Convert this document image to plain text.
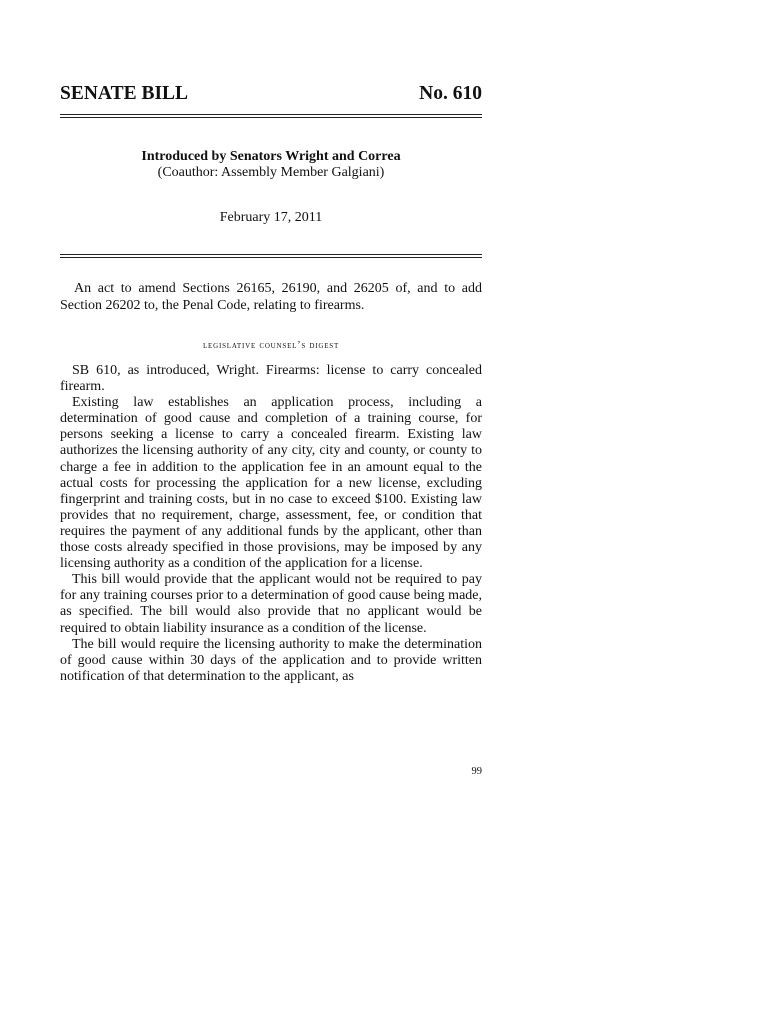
SENATE BILL	No. 610
Introduced by Senators Wright and Correa
(Coauthor: Assembly Member Galgiani)
February 17, 2011

An act to amend Sections 26165, 26190, and 26205 of, and to add Section 26202 to, the Penal Code, relating to firearms.

legislative counsel’s digest

SB 610, as introduced, Wright. Firearms: license to carry concealed firearm.

Existing law establishes an application process, including a determination of good cause and completion of a training course, for persons seeking a license to carry a concealed firearm. Existing law authorizes the licensing authority of any city, city and county, or county to charge a fee in addition to the application fee in an amount equal to the actual costs for processing the application for a new license, excluding fingerprint and training costs, but in no case to exceed $100. Existing law provides that no requirement, charge, assessment, fee, or condition that requires the payment of any additional funds by the applicant, other than those costs already specified in those provisions, may be imposed by any licensing authority as a condition of the application for a license.

This bill would provide that the applicant would not be required to pay for any training courses prior to a determination of good cause being made, as specified. The bill would also provide that no applicant would be required to obtain liability insurance as a condition of the license.

The bill would require the licensing authority to make the determination of good cause within 30 days of the application and to provide written notification of that determination to the applicant, as

99
